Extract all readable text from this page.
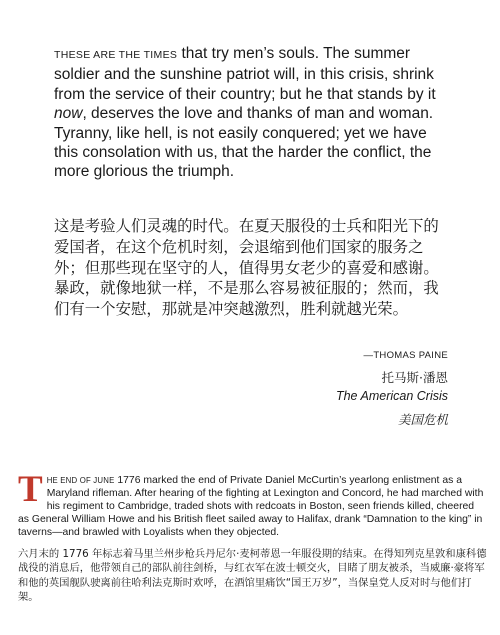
THESE ARE THE TIMES that try men’s souls. The summer soldier and the sunshine patriot will, in this crisis, shrink from the service of their country; but he that stands by it now, deserves the love and thanks of man and woman. Tyranny, like hell, is not easily conquered; yet we have this consolation with us, that the harder the conflict, the more glorious the triumph.

这是考验人们灵魂的时代。在夏天服役的士兵和阳光下的爱国者，在这个危机时刻，会退缩到他们国家的服务之外；但那些现在坚守的人，值得男女老少的喜爱和感谢。暴政，就像地狱一样，不是那么容易被征服的；然而，我们有一个安慰，那就是冲突越激烈，胜利就越光荣。

—THOMAS PAINE

托马斯·潘恩

The American Crisis

美国危机

THE END OF JUNE 1776 marked the end of Private Daniel McCurtin’s yearlong enlistment as a Maryland rifleman. After hearing of the fighting at Lexington and Concord, he had marched with his regiment to Cambridge, traded shots with redcoats in Boston, seen friends killed, cheered as General William Howe and his British fleet sailed away to Halifax, drank “Damnation to the king” in taverns—and brawled with Loyalists when they objected.

六月末的 1776 年标志着马里兰州步枪兵丹尼尔·麦柯蒂恩一年服役期的结束。在得知列克星敦和康科德战役的消息后，他带领自己的部队前往剑桥，与红衣军在波士顿交火，目睹了朋友被杀，当威廉·豪将军和他的英国舰队驶离前往哈利法克斯时欢呼，在酒馆里痛饮“国王万岁”，当保皇党人反对时与他们打架。
